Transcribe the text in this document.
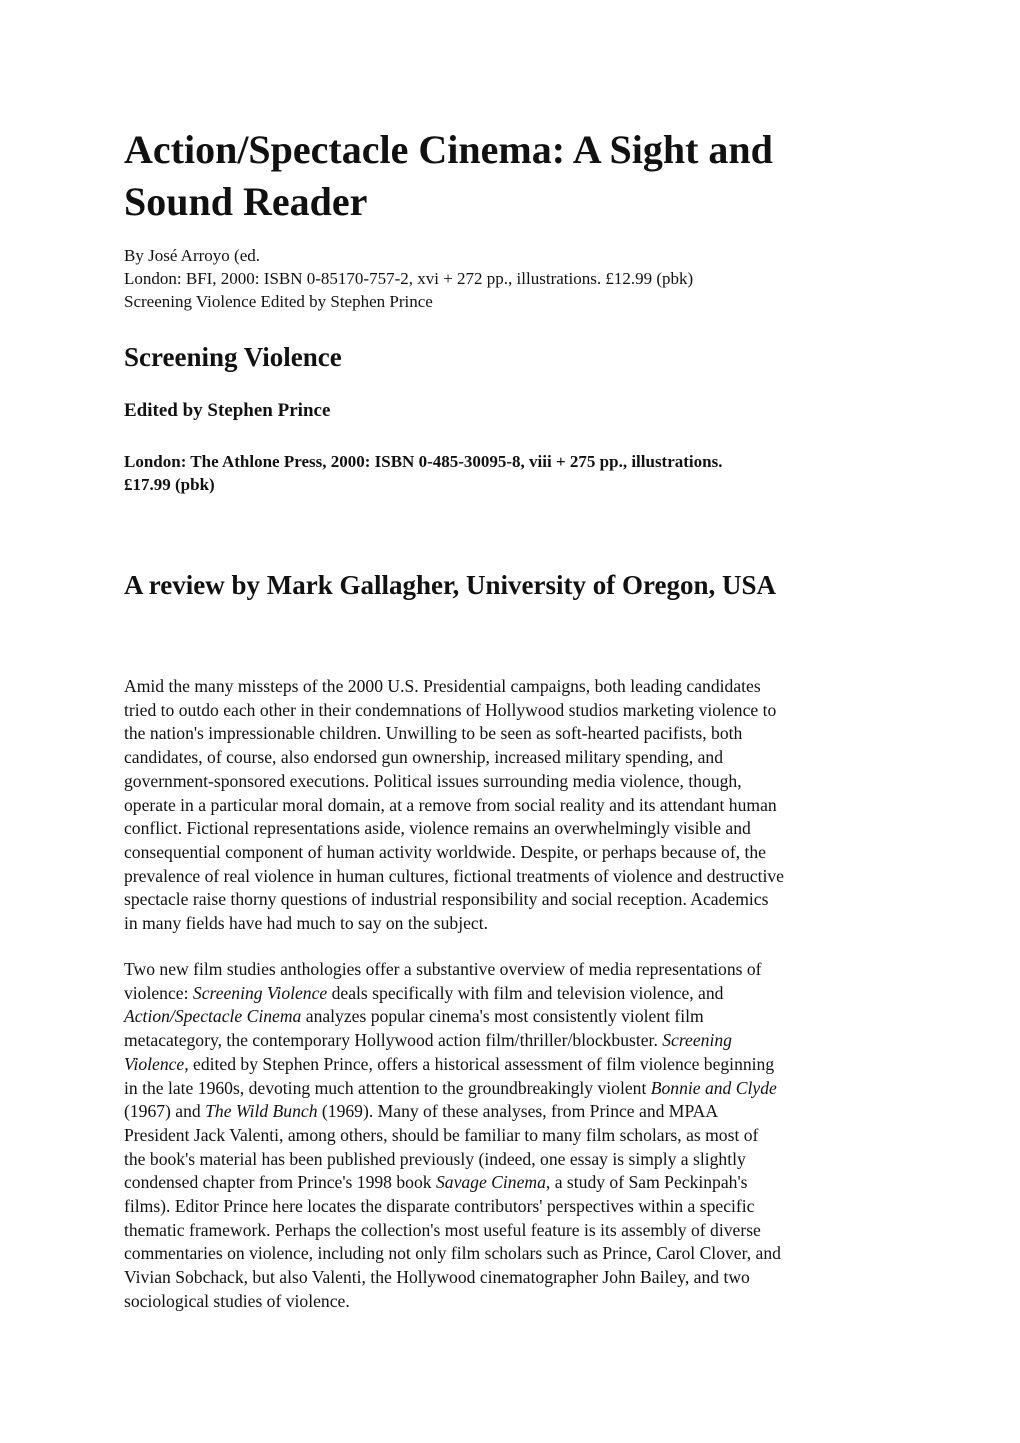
Action/Spectacle Cinema: A Sight and
Sound Reader
By José Arroyo (ed.
London: BFI, 2000: ISBN 0-85170-757-2, xvi + 272 pp., illustrations. £12.99 (pbk)
Screening Violence Edited by Stephen Prince
Screening Violence

Edited by Stephen Prince

London: The Athlone Press, 2000: ISBN 0-485-30095-8, viii + 275 pp., illustrations.
£17.99 (pbk)

A review by Mark Gallagher, University of Oregon, USA

Amid the many missteps of the 2000 U.S. Presidential campaigns, both leading candidates
tried to outdo each other in their condemnations of Hollywood studios marketing violence to
the nation's impressionable children. Unwilling to be seen as soft-hearted pacifists, both
candidates, of course, also endorsed gun ownership, increased military spending, and
government-sponsored executions. Political issues surrounding media violence, though,
operate in a particular moral domain, at a remove from social reality and its attendant human
conflict. Fictional representations aside, violence remains an overwhelmingly visible and
consequential component of human activity worldwide. Despite, or perhaps because of, the
prevalence of real violence in human cultures, fictional treatments of violence and destructive
spectacle raise thorny questions of industrial responsibility and social reception. Academics
in many fields have had much to say on the subject.

Two new film studies anthologies offer a substantive overview of media representations of
violence: Screening Violence deals specifically with film and television violence, and
Action/Spectacle Cinema analyzes popular cinema's most consistently violent film
metacategory, the contemporary Hollywood action film/thriller/blockbuster. Screening
Violence, edited by Stephen Prince, offers a historical assessment of film violence beginning
in the late 1960s, devoting much attention to the groundbreakingly violent Bonnie and Clyde
(1967) and The Wild Bunch (1969). Many of these analyses, from Prince and MPAA
President Jack Valenti, among others, should be familiar to many film scholars, as most of
the book's material has been published previously (indeed, one essay is simply a slightly
condensed chapter from Prince's 1998 book Savage Cinema, a study of Sam Peckinpah's
films). Editor Prince here locates the disparate contributors' perspectives within a specific
thematic framework. Perhaps the collection's most useful feature is its assembly of diverse
commentaries on violence, including not only film scholars such as Prince, Carol Clover, and
Vivian Sobchack, but also Valenti, the Hollywood cinematographer John Bailey, and two
sociological studies of violence.
